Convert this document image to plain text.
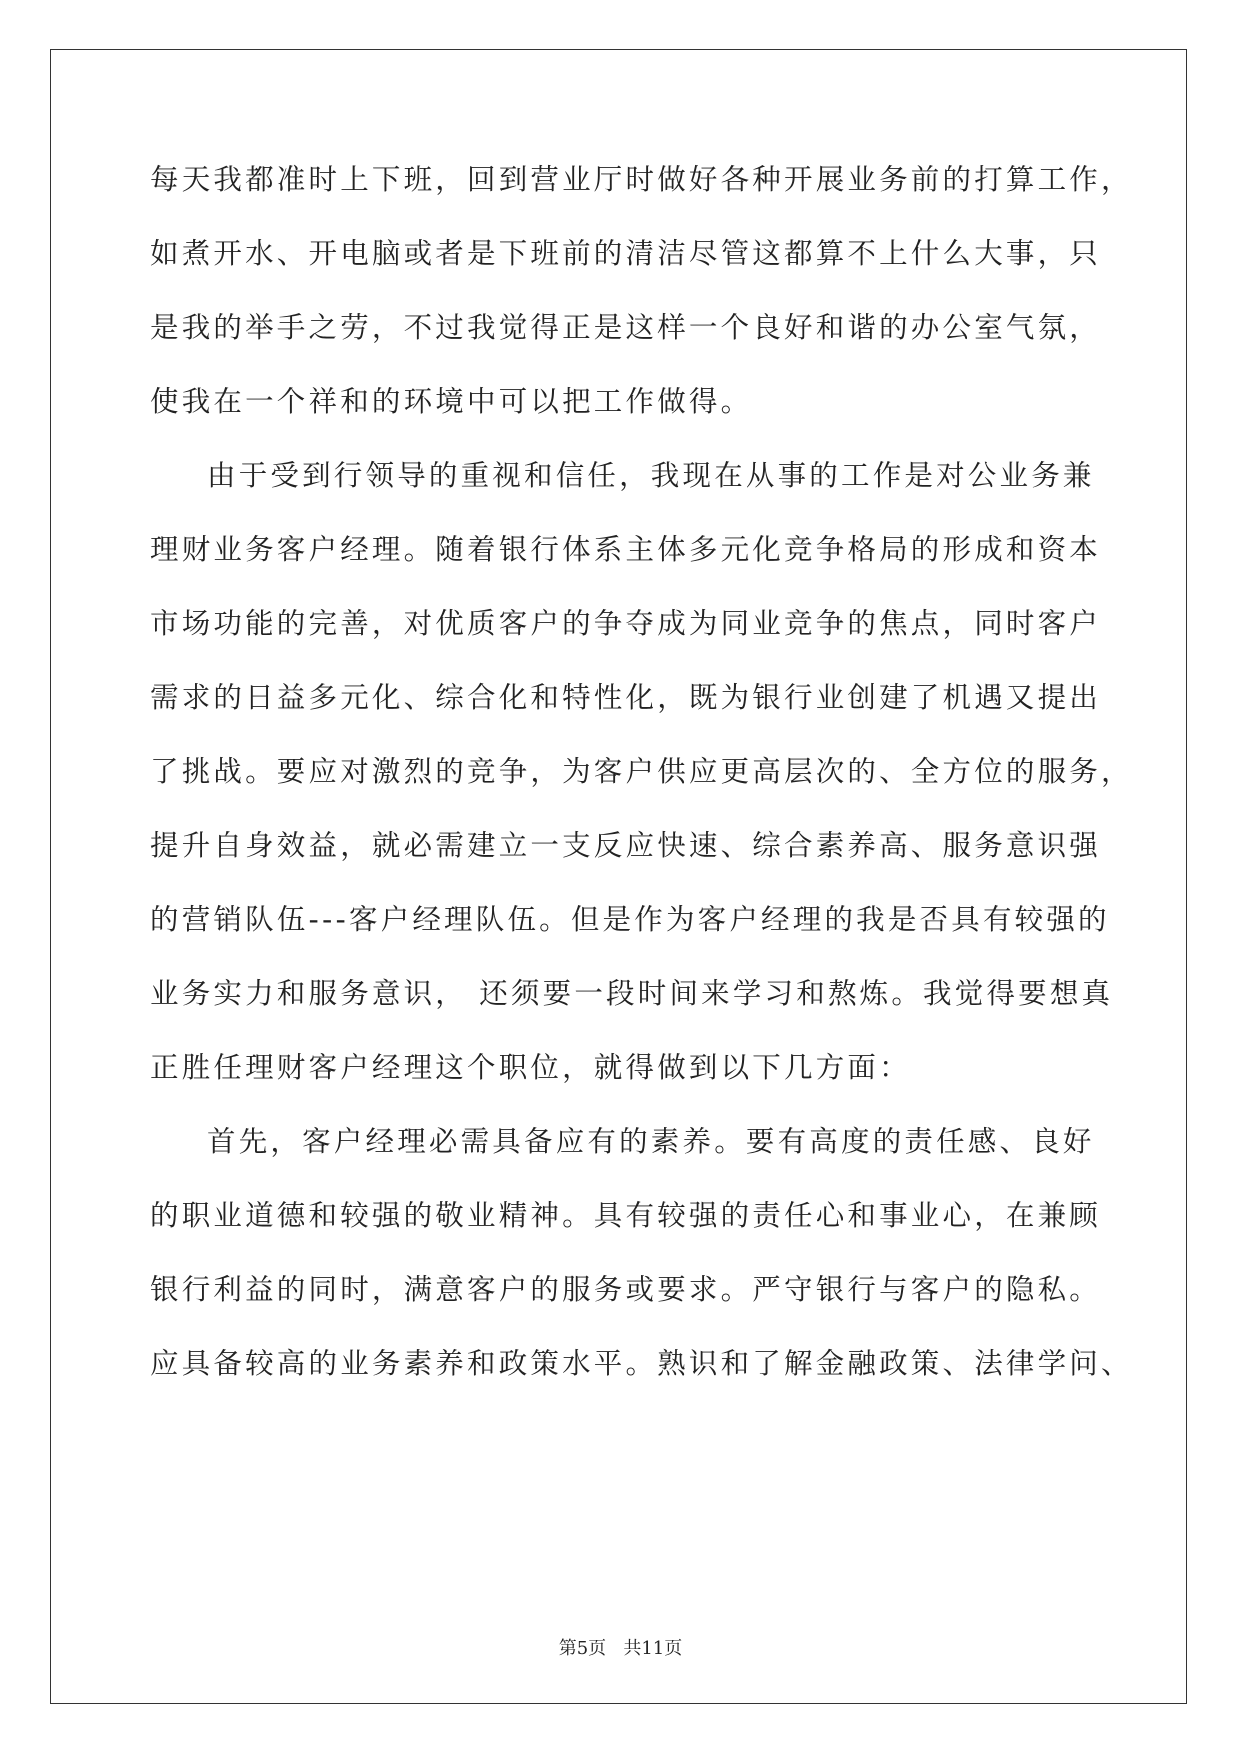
每天我都准时上下班，回到营业厅时做好各种开展业务前的打算工作，
如煮开水、开电脑或者是下班前的清洁尽管这都算不上什么大事，只
是我的举手之劳，不过我觉得正是这样一个良好和谐的办公室气氛，
使我在一个祥和的环境中可以把工作做得。
由于受到行领导的重视和信任，我现在从事的工作是对公业务兼
理财业务客户经理。随着银行体系主体多元化竞争格局的形成和资本
市场功能的完善，对优质客户的争夺成为同业竞争的焦点，同时客户
需求的日益多元化、综合化和特性化，既为银行业创建了机遇又提出
了挑战。要应对激烈的竞争，为客户供应更高层次的、全方位的服务，
提升自身效益，就必需建立一支反应快速、综合素养高、服务意识强
的营销队伍---客户经理队伍。但是作为客户经理的我是否具有较强的
业务实力和服务意识， 还须要一段时间来学习和熬炼。我觉得要想真
正胜任理财客户经理这个职位，就得做到以下几方面：
首先，客户经理必需具备应有的素养。要有高度的责任感、良好
的职业道德和较强的敬业精神。具有较强的责任心和事业心，在兼顾
银行利益的同时，满意客户的服务或要求。严守银行与客户的隐私。
应具备较高的业务素养和政策水平。熟识和了解金融政策、法律学问、
第5页   共11页
